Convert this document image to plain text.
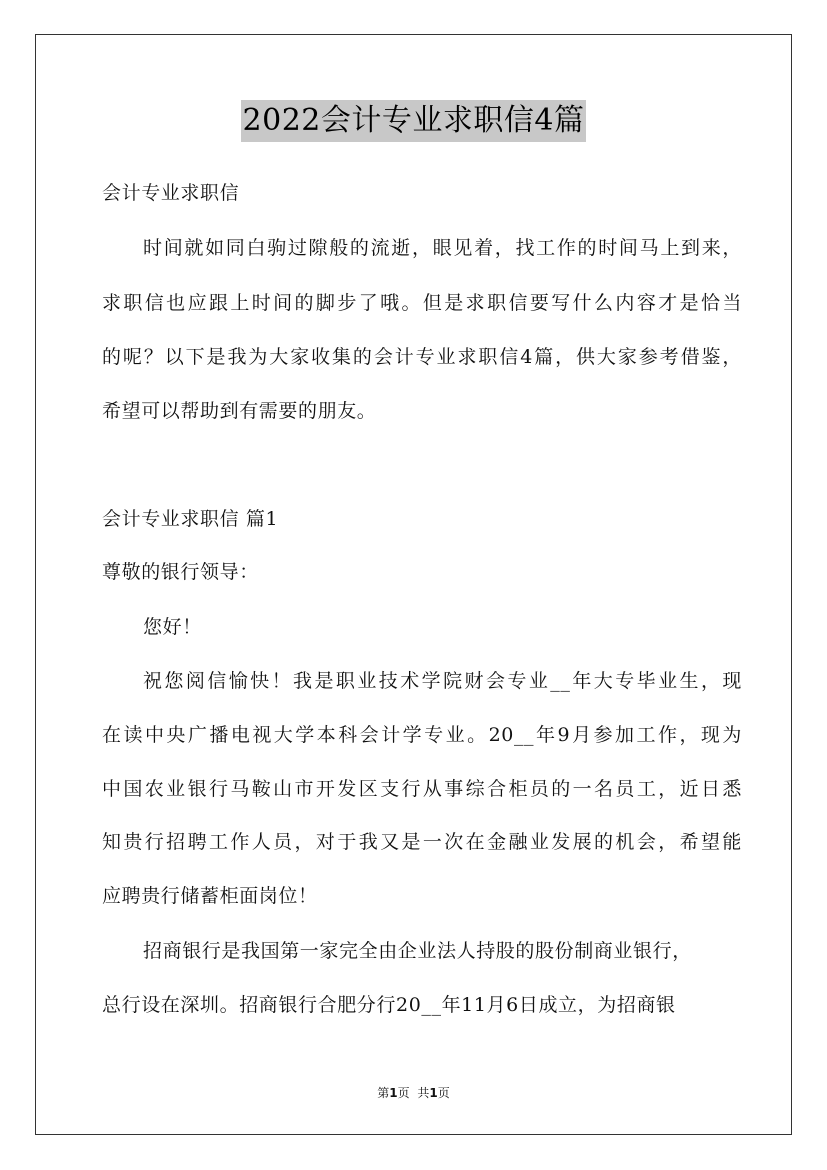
2022会计专业求职信4篇
会计专业求职信
时间就如同白驹过隙般的流逝，眼见着，找工作的时间马上到来，
求职信也应跟上时间的脚步了哦。但是求职信要写什么内容才是恰当
的呢？以下是我为大家收集的会计专业求职信4篇，供大家参考借鉴，
希望可以帮助到有需要的朋友。
会计专业求职信 篇1
尊敬的银行领导：
您好！
祝您阅信愉快！我是职业技术学院财会专业__年大专毕业生，现
在读中央广播电视大学本科会计学专业。20__年9月参加工作，现为
中国农业银行马鞍山市开发区支行从事综合柜员的一名员工，近日悉
知贵行招聘工作人员，对于我又是一次在金融业发展的机会，希望能
应聘贵行储蓄柜面岗位！
招商银行是我国第一家完全由企业法人持股的股份制商业银行，
总行设在深圳。招商银行合肥分行20__年11月6日成立，为招商银
第1页 共1页
